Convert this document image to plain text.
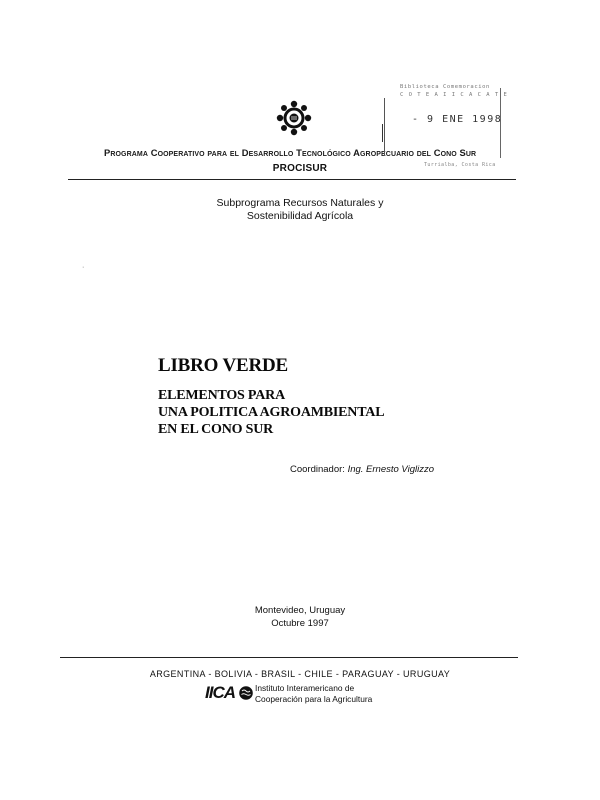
Programa Cooperativo para el Desarrollo Tecnológico Agropecuario del Cono Sur
PROCISUR
Biblioteca Comemoracion
C O T E A I I C A C A T E
- 9 ENE 1998
Turrialba, Costa Rica
Subprograma Recursos Naturales y
Sostenibilidad Agrícola
·
LIBRO VERDE
ELEMENTOS PARA
UNA POLITICA AGROAMBIENTAL
EN EL CONO SUR
Coordinador: Ing. Ernesto Viglizzo
Montevideo, Uruguay
Octubre 1997
ARGENTINA - BOLIVIA - BRASIL - CHILE - PARAGUAY - URUGUAY
IICA Instituto Interamericano de
Cooperación para la Agricultura
